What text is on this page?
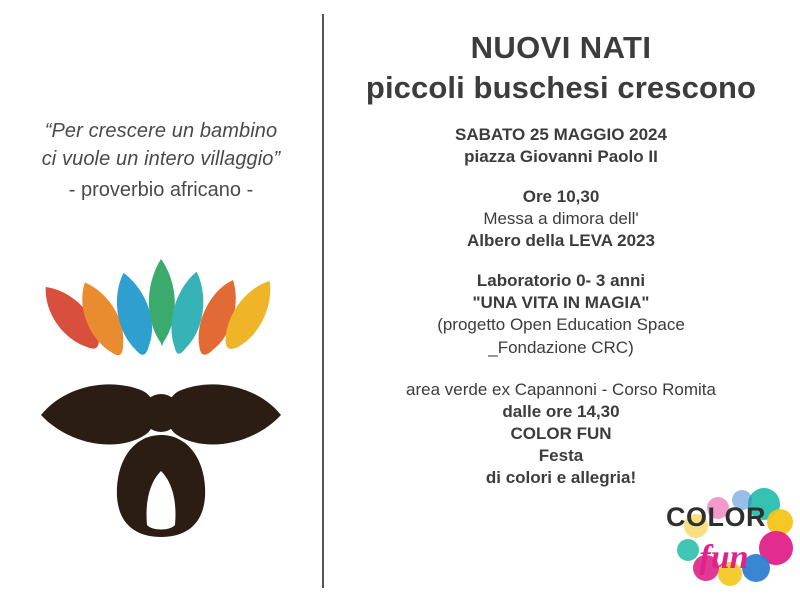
“Per crescere un bambino
ci vuole un intero villaggio”
- proverbio africano -
NUOVI NATI
piccoli buschesi crescono
SABATO 25 MAGGIO 2024
piazza Giovanni Paolo II
Ore 10,30
Messa a dimora dell'
Albero della LEVA 2023
Laboratorio 0- 3 anni
"UNA VITA IN MAGIA"
(progetto Open Education Space
_Fondazione CRC)
area verde ex Capannoni - Corso Romita
dalle ore 14,30
COLOR FUN
Festa
di colori e allegria!
COLOR
fun
